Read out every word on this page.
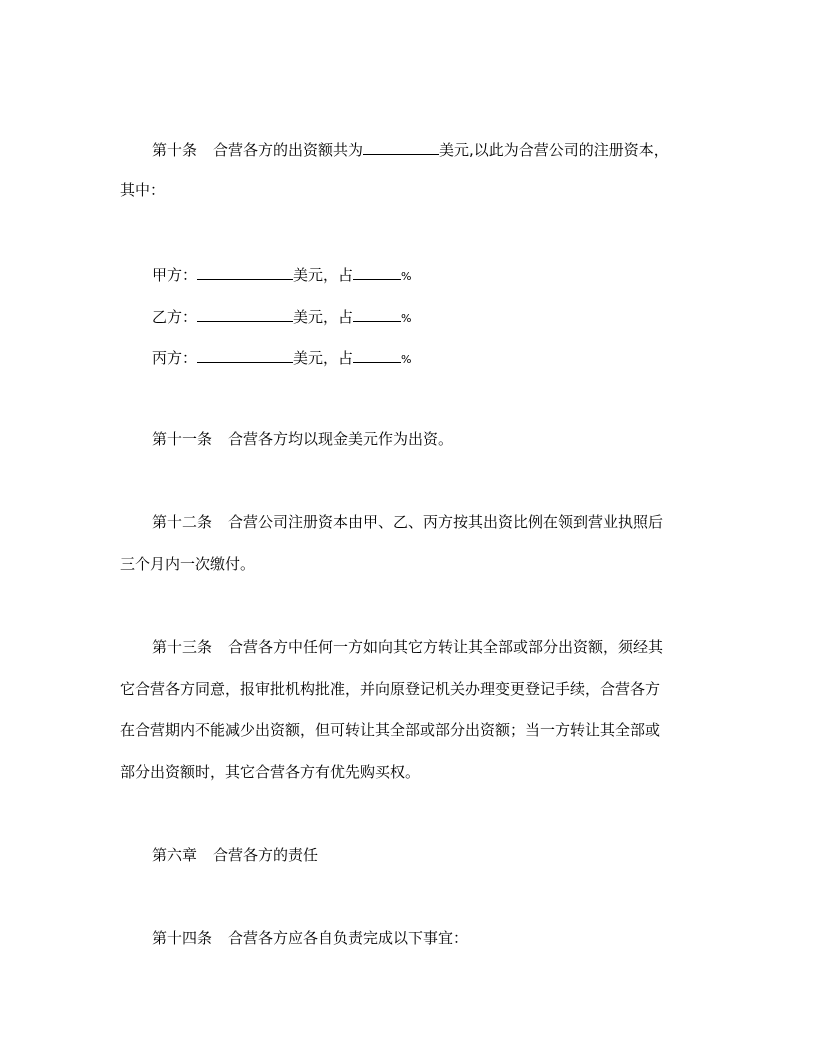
第十条 合营各方的出资额共为	美元,以此为合营公司的注册资本，
其中：
甲方：	美元，占	%
乙方：	美元，占	%
丙方：	美元，占	%
第十一条 合营各方均以现金美元作为出资。
第十二条 合营公司注册资本由甲、乙、丙方按其出资比例在领到营业执照后
三个月内一次缴付。
第十三条 合营各方中任何一方如向其它方转让其全部或部分出资额，须经其
它合营各方同意，报审批机构批准，并向原登记机关办理变更登记手续，合营各方
在合营期内不能减少出资额，但可转让其全部或部分出资额；当一方转让其全部或
部分出资额时，其它合营各方有优先购买权。
第六章 合营各方的责任
第十四条 合营各方应各自负责完成以下事宜：
